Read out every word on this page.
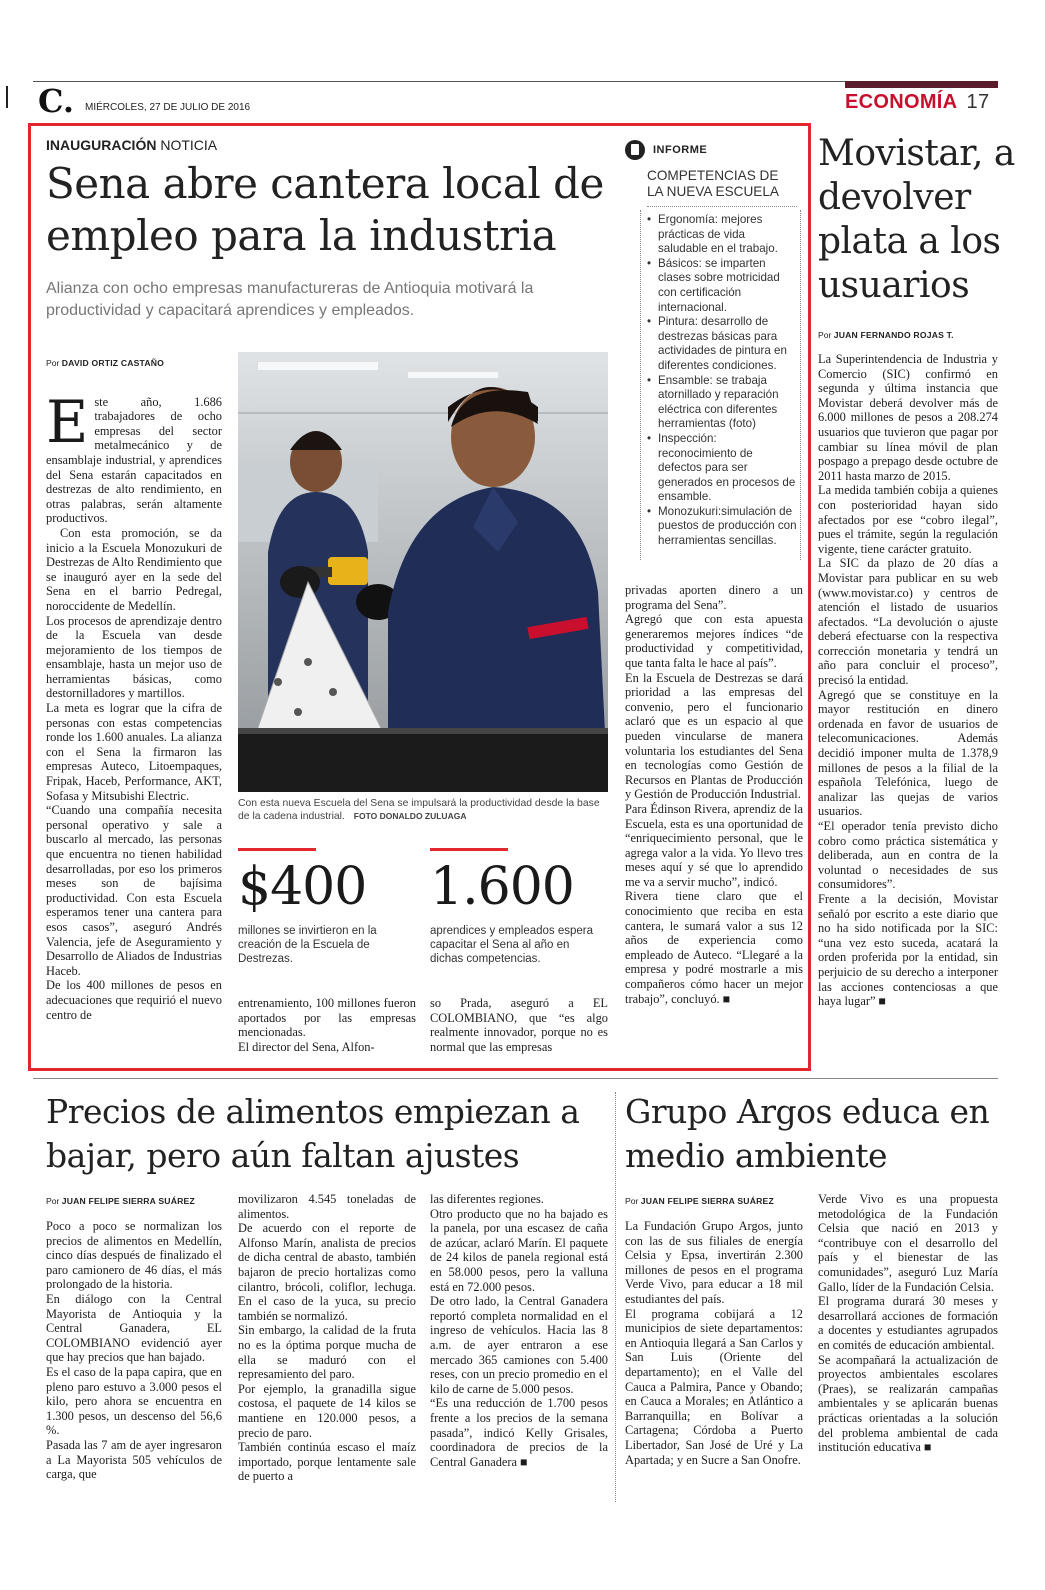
C. MIÉRCOLES, 27 DE JULIO DE 2016	ECONOMÍA 17
INAUGURACIÓN NOTICIA
Sena abre cantera local de empleo para la industria
Alianza con ocho empresas manufactureras de Antioquia motivará la productividad y capacitará aprendices y empleados.
Por DAVID ORTIZ CASTAÑO

Este año, 1.686 trabajadores de ocho empresas del sector metalmecánico y de ensamblaje industrial, y aprendices del Sena estarán capacitados en destrezas de alto rendimiento, en otras palabras, serán altamente productivos.

Con esta promoción, se da inicio a la Escuela Monozukuri de Destrezas de Alto Rendimiento que se inauguró ayer en la sede del Sena en el barrio Pedregal, noroccidente de Medellín.
Los procesos de aprendizaje dentro de la Escuela van desde mejoramiento de los tiempos de ensamblaje, hasta un mejor uso de herramientas básicas, como destornilladores y martillos.
La meta es lograr que la cifra de personas con estas competencias ronde los 1.600 anuales. La alianza con el Sena la firmaron las empresas Auteco, Litoempaques, Fripak, Haceb, Performance, AKT, Sofasa y Mitsubishi Electric.
“Cuando una compañía necesita personal operativo y sale a buscarlo al mercado, las personas que encuentra no tienen habilidad desarrolladas, por eso los primeros meses son de bajísima productividad. Con esta Escuela esperamos tener una cantera para esos casos”, aseguró Andrés Valencia, jefe de Aseguramiento y Desarrollo de Aliados de Industrias Haceb.
De los 400 millones de pesos en adecuaciones que requirió el nuevo centro de
Con esta nueva Escuela del Sena se impulsará la productividad desde la base de la cadena industrial. FOTO DONALDO ZULUAGA
$400
millones se invirtieron en la creación de la Escuela de Destrezas.
1.600
aprendices y empleados espera capacitar el Sena al año en dichas competencias.
entrenamiento, 100 millones fueron aportados por las empresas mencionadas.
El director del Sena, Alfon-
so Prada, aseguró a EL COLOMBIANO, que “es algo realmente innovador, porque no es normal que las empresas
INFORME
COMPETENCIAS DE LA NUEVA ESCUELA
• Ergonomía: mejores prácticas de vida saludable en el trabajo.
• Básicos: se imparten clases sobre motricidad con certificación internacional.
• Pintura: desarrollo de destrezas básicas para actividades de pintura en diferentes condiciones.
• Ensamble: se trabaja atornillado y reparación eléctrica con diferentes herramientas (foto)
• Inspección: reconocimiento de defectos para ser generados en procesos de ensamble.
• Monozukuri:simulación de puestos de producción con herramientas sencillas.
privadas aporten dinero a un programa del Sena”.
Agregó que con esta apuesta generaremos mejores índices “de productividad y competitividad, que tanta falta le hace al país”.
En la Escuela de Destrezas se dará prioridad a las empresas del convenio, pero el funcionario aclaró que es un espacio al que pueden vincularse de manera voluntaria los estudiantes del Sena en tecnologías como Gestión de Recursos en Plantas de Producción y Gestión de Producción Industrial.
Para Édinson Rivera, aprendiz de la Escuela, esta es una oportunidad de “enriquecimiento personal, que le agrega valor a la vida. Yo llevo tres meses aquí y sé que lo aprendido me va a servir mucho”, indicó.
Rivera tiene claro que el conocimiento que reciba en esta cantera, le sumará valor a sus 12 años de experiencia como empleado de Auteco. “Llegaré a la empresa y podré mostrarle a mis compañeros cómo hacer un mejor trabajo”, concluyó. ■
Movistar, a devolver plata a los usuarios
Por JUAN FERNANDO ROJAS T.
La Superintendencia de Industria y Comercio (SIC) confirmó en segunda y última instancia que Movistar deberá devolver más de 6.000 millones de pesos a 208.274 usuarios que tuvieron que pagar por cambiar su línea móvil de plan pospago a prepago desde octubre de 2011 hasta marzo de 2015.
La medida también cobija a quienes con posterioridad hayan sido afectados por ese “cobro ilegal”, pues el trámite, según la regulación vigente, tiene carácter gratuito.
La SIC da plazo de 20 días a Movistar para publicar en su web (www.movistar.co) y centros de atención el listado de usuarios afectados. “La devolución o ajuste deberá efectuarse con la respectiva corrección monetaria y tendrá un año para concluir el proceso”, precisó la entidad.
Agregó que se constituye en la mayor restitución en dinero ordenada en favor de usuarios de telecomunicaciones. Además decidió imponer multa de 1.378,9 millones de pesos a la filial de la española Telefónica, luego de analizar las quejas de varios usuarios.
“El operador tenía previsto dicho cobro como práctica sistemática y deliberada, aun en contra de la voluntad o necesidades de sus consumidores”.
Frente a la decisión, Movistar señaló por escrito a este diario que no ha sido notificada por la SIC: “una vez esto suceda, acatará la orden proferida por la entidad, sin perjuicio de su derecho a interponer las acciones contenciosas a que haya lugar” ■
Precios de alimentos empiezan a bajar, pero aún faltan ajustes
Por JUAN FELIPE SIERRA SUÁREZ
Poco a poco se normalizan los precios de alimentos en Medellín, cinco días después de finalizado el paro camionero de 46 días, el más prolongado de la historia.
En diálogo con la Central Mayorista de Antioquia y la Central Ganadera, EL COLOMBIANO evidenció ayer que hay precios que han bajado.
Es el caso de la papa capira, que en pleno paro estuvo a 3.000 pesos el kilo, pero ahora se encuentra en 1.300 pesos, un descenso del 56,6 %.
Pasada las 7 am de ayer ingresaron a La Mayorista 505 vehículos de carga, que
movilizaron 4.545 toneladas de alimentos.
De acuerdo con el reporte de Alfonso Marín, analista de precios de dicha central de abasto, también bajaron de precio hortalizas como cilantro, brócoli, coliflor, lechuga. En el caso de la yuca, su precio también se normalizó.
Sin embargo, la calidad de la fruta no es la óptima porque mucha de ella se maduró con el represamiento del paro.
Por ejemplo, la granadilla sigue costosa, el paquete de 14 kilos se mantiene en 120.000 pesos, a precio de paro.
También continúa escaso el maíz importado, porque lentamente sale de puerto a
las diferentes regiones.
Otro producto que no ha bajado es la panela, por una escasez de caña de azúcar, aclaró Marín. El paquete de 24 kilos de panela regional está en 58.000 pesos, pero la valluna está en 72.000 pesos.
De otro lado, la Central Ganadera reportó completa normalidad en el ingreso de vehículos. Hacia las 8 a.m. de ayer entraron a ese mercado 365 camiones con 5.400 reses, con un precio promedio en el kilo de carne de 5.000 pesos.
“Es una reducción de 1.700 pesos frente a los precios de la semana pasada”, indicó Kelly Grisales, coordinadora de precios de la Central Ganadera ■
Grupo Argos educa en medio ambiente
Por JUAN FELIPE SIERRA SUÁREZ
La Fundación Grupo Argos, junto con las de sus filiales de energía Celsia y Epsa, invertirán 2.300 millones de pesos en el programa Verde Vivo, para educar a 18 mil estudiantes del país.
El programa cobijará a 12 municipios de siete departamentos: en Antioquia llegará a San Carlos y San Luis (Oriente del departamento); en el Valle del Cauca a Palmira, Pance y Obando; en Cauca a Morales; en Atlántico a Barranquilla; en Bolívar a Cartagena; Córdoba a Puerto Libertador, San José de Uré y La Apartada; y en Sucre a San Onofre.
Verde Vivo es una propuesta metodológica de la Fundación Celsia que nació en 2013 y “contribuye con el desarrollo del país y el bienestar de las comunidades”, aseguró Luz María Gallo, líder de la Fundación Celsia.
El programa durará 30 meses y desarrollará acciones de formación a docentes y estudiantes agrupados en comités de educación ambiental.
Se acompañará la actualización de proyectos ambientales escolares (Praes), se realizarán campañas ambientales y se aplicarán buenas prácticas orientadas a la solución del problema ambiental de cada institución educativa ■
